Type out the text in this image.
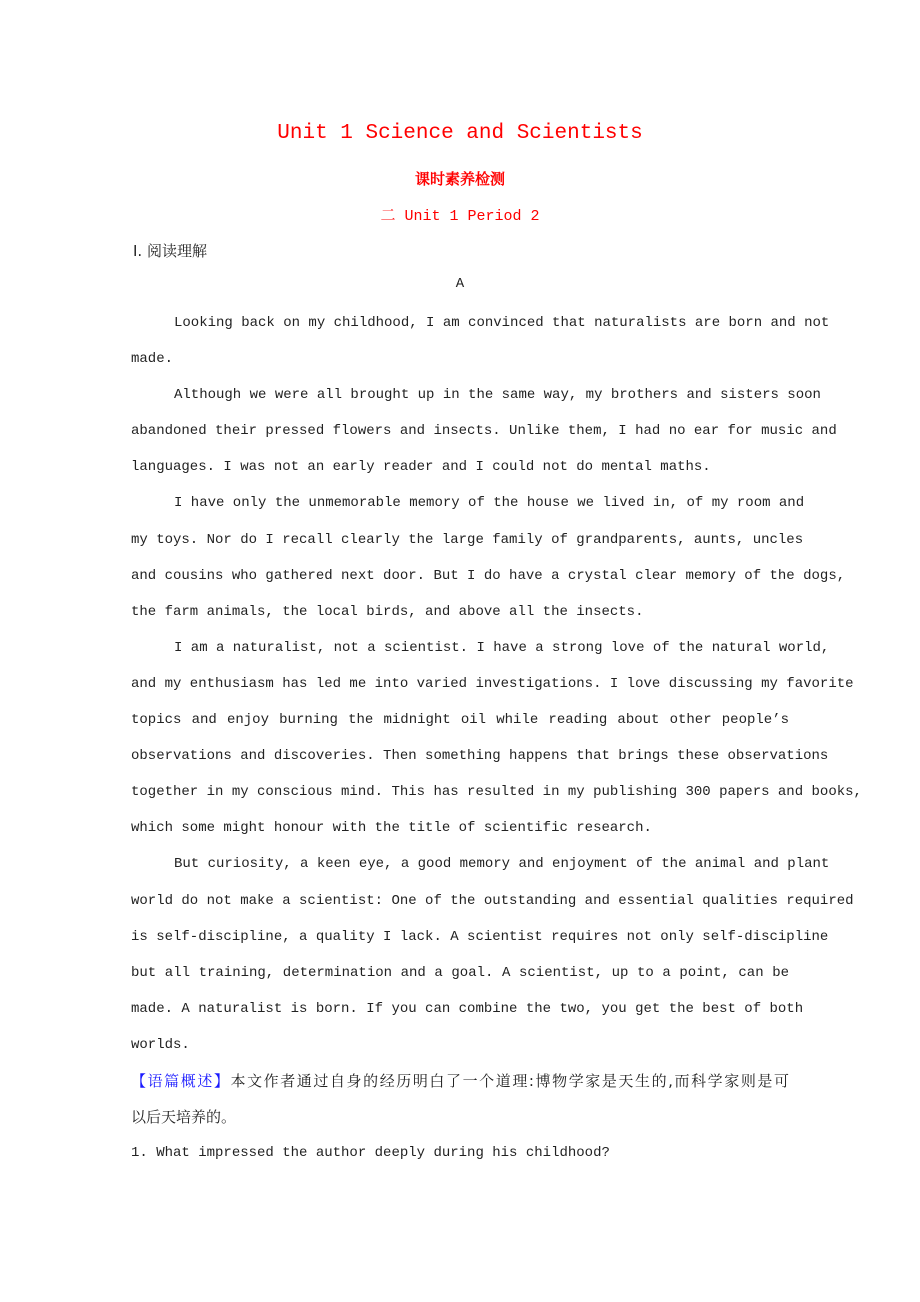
Unit 1 Science and Scientists
课时素养检测
二 Unit 1 Period 2
Ⅰ. 阅读理解
A
Looking back on my childhood, I am convinced that naturalists are born and not
made.
Although we were all brought up in the same way, my brothers and sisters soon
abandoned their pressed flowers and insects. Unlike them, I had no ear for music and
languages. I was not an early reader and I could not do mental maths.
I have only the unmemorable memory of the house we lived in, of my room and
my toys. Nor do I recall clearly the large family of grandparents, aunts, uncles
and cousins who gathered next door. But I do have a crystal clear memory of the dogs,
the farm animals, the local birds, and above all the insects.
I am a naturalist, not a scientist. I have a strong love of the natural world,
and my enthusiasm has led me into varied investigations. I love discussing my favorite
topics and enjoy burning the midnight oil while reading about other people’s
observations and discoveries. Then something happens that brings these observations
together in my conscious mind. This has resulted in my publishing 300 papers and books,
which some might honour with the title of scientific research.
But curiosity, a keen eye, a good memory and enjoyment of the animal and plant
world do not make a scientist: One of the outstanding and essential qualities required
is self-discipline, a quality I lack. A scientist requires not only self-discipline
but all training, determination and a goal. A scientist, up to a point, can be
made. A naturalist is born. If you can combine the two, you get the best of both
worlds.
【语篇概述】本文作者通过自身的经历明白了一个道理:博物学家是天生的,而科学家则是可
以后天培养的。
1. What impressed the author deeply during his childhood?
